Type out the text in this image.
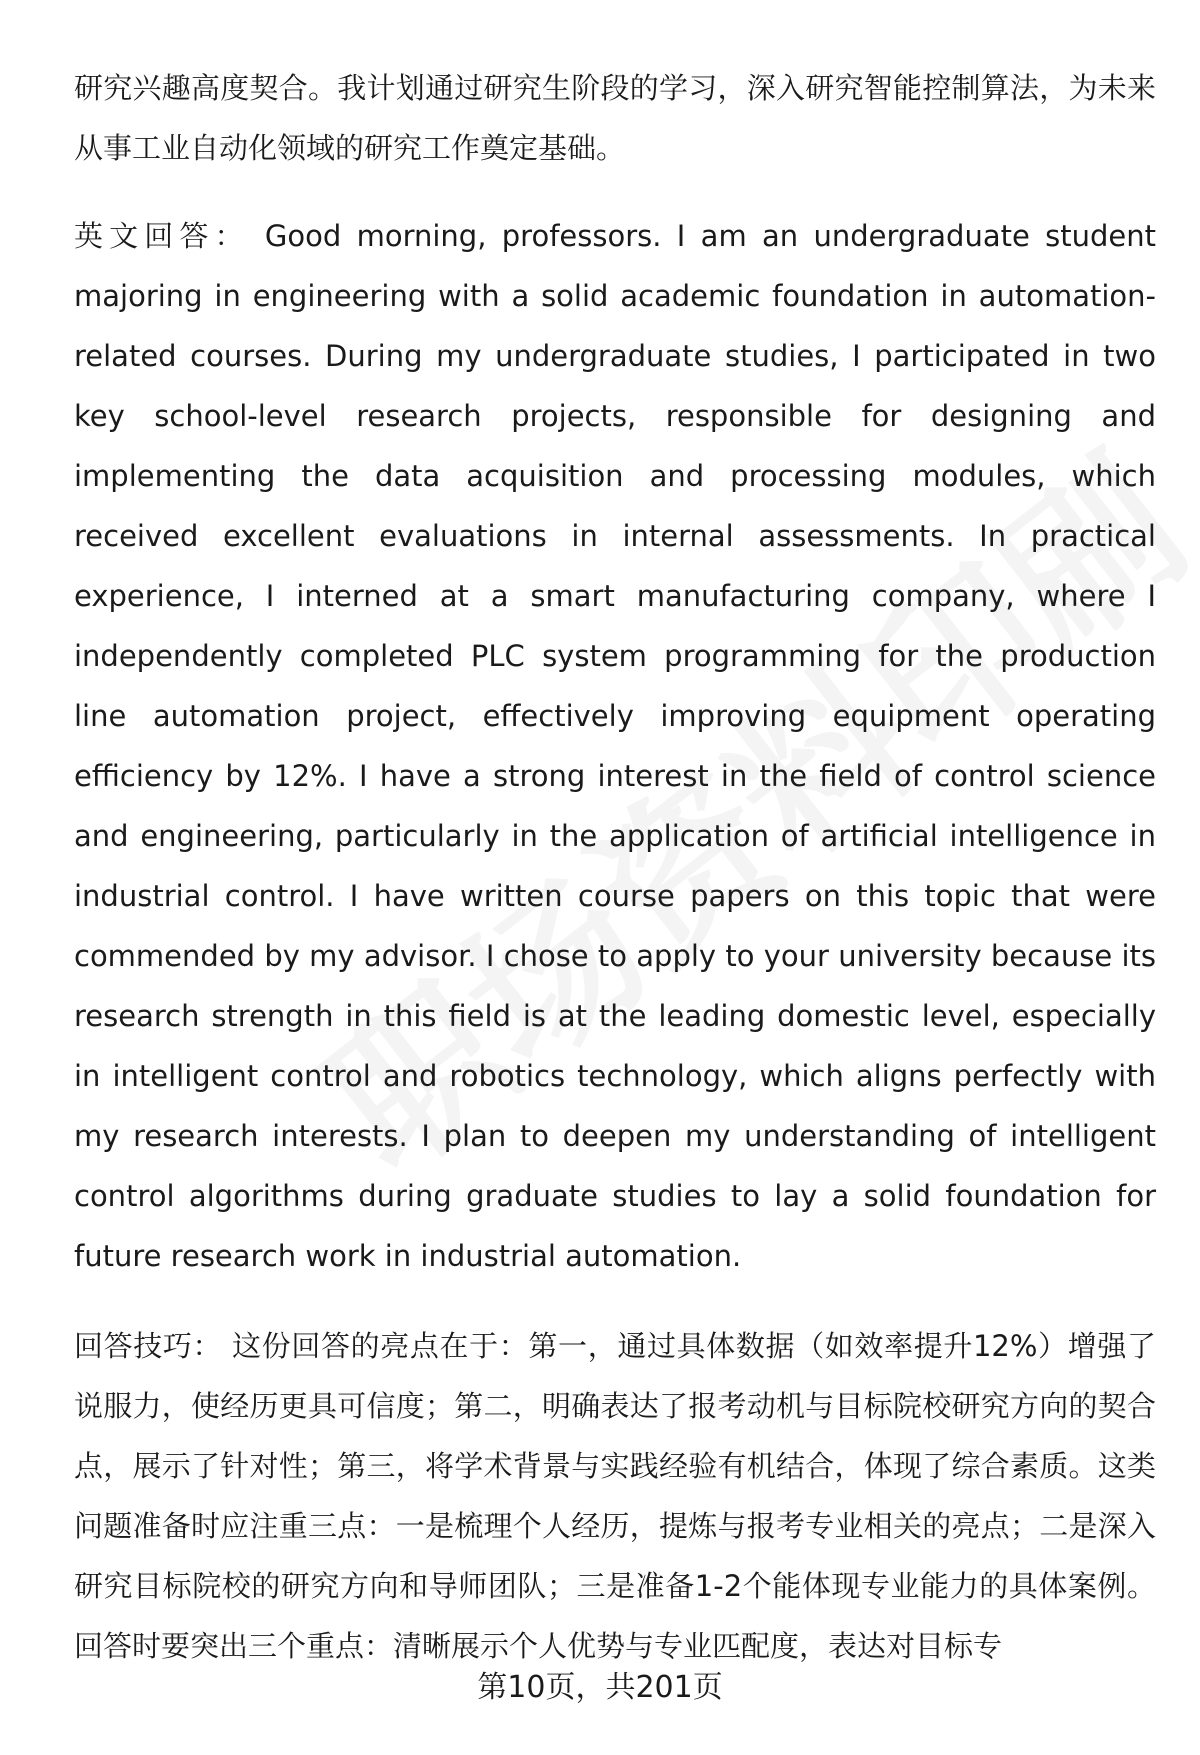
研究兴趣高度契合。我计划通过研究生阶段的学习，深入研究智能控制算法，为未来从事工业自动化领域的研究工作奠定基础。

英文回答： Good morning, professors. I am an undergraduate student majoring in engineering with a solid academic foundation in automation-related courses. During my undergraduate studies, I participated in two key school-level research projects, responsible for designing and implementing the data acquisition and processing modules, which received excellent evaluations in internal assessments. In practical experience, I interned at a smart manufacturing company, where I independently completed PLC system programming for the production line automation project, effectively improving equipment operating efficiency by 12%. I have a strong interest in the field of control science and engineering, particularly in the application of artificial intelligence in industrial control. I have written course papers on this topic that were commended by my advisor. I chose to apply to your university because its research strength in this field is at the leading domestic level, especially in intelligent control and robotics technology, which aligns perfectly with my research interests. I plan to deepen my understanding of intelligent control algorithms during graduate studies to lay a solid foundation for future research work in industrial automation.

回答技巧： 这份回答的亮点在于：第一，通过具体数据（如效率提升12%）增强了说服力，使经历更具可信度；第二，明确表达了报考动机与目标院校研究方向的契合点，展示了针对性；第三，将学术背景与实践经验有机结合，体现了综合素质。这类问题准备时应注重三点：一是梳理个人经历，提炼与报考专业相关的亮点；二是深入研究目标院校的研究方向和导师团队；三是准备1-2个能体现专业能力的具体案例。回答时要突出三个重点：清晰展示个人优势与专业匹配度，表达对目标专

第10页，共201页
